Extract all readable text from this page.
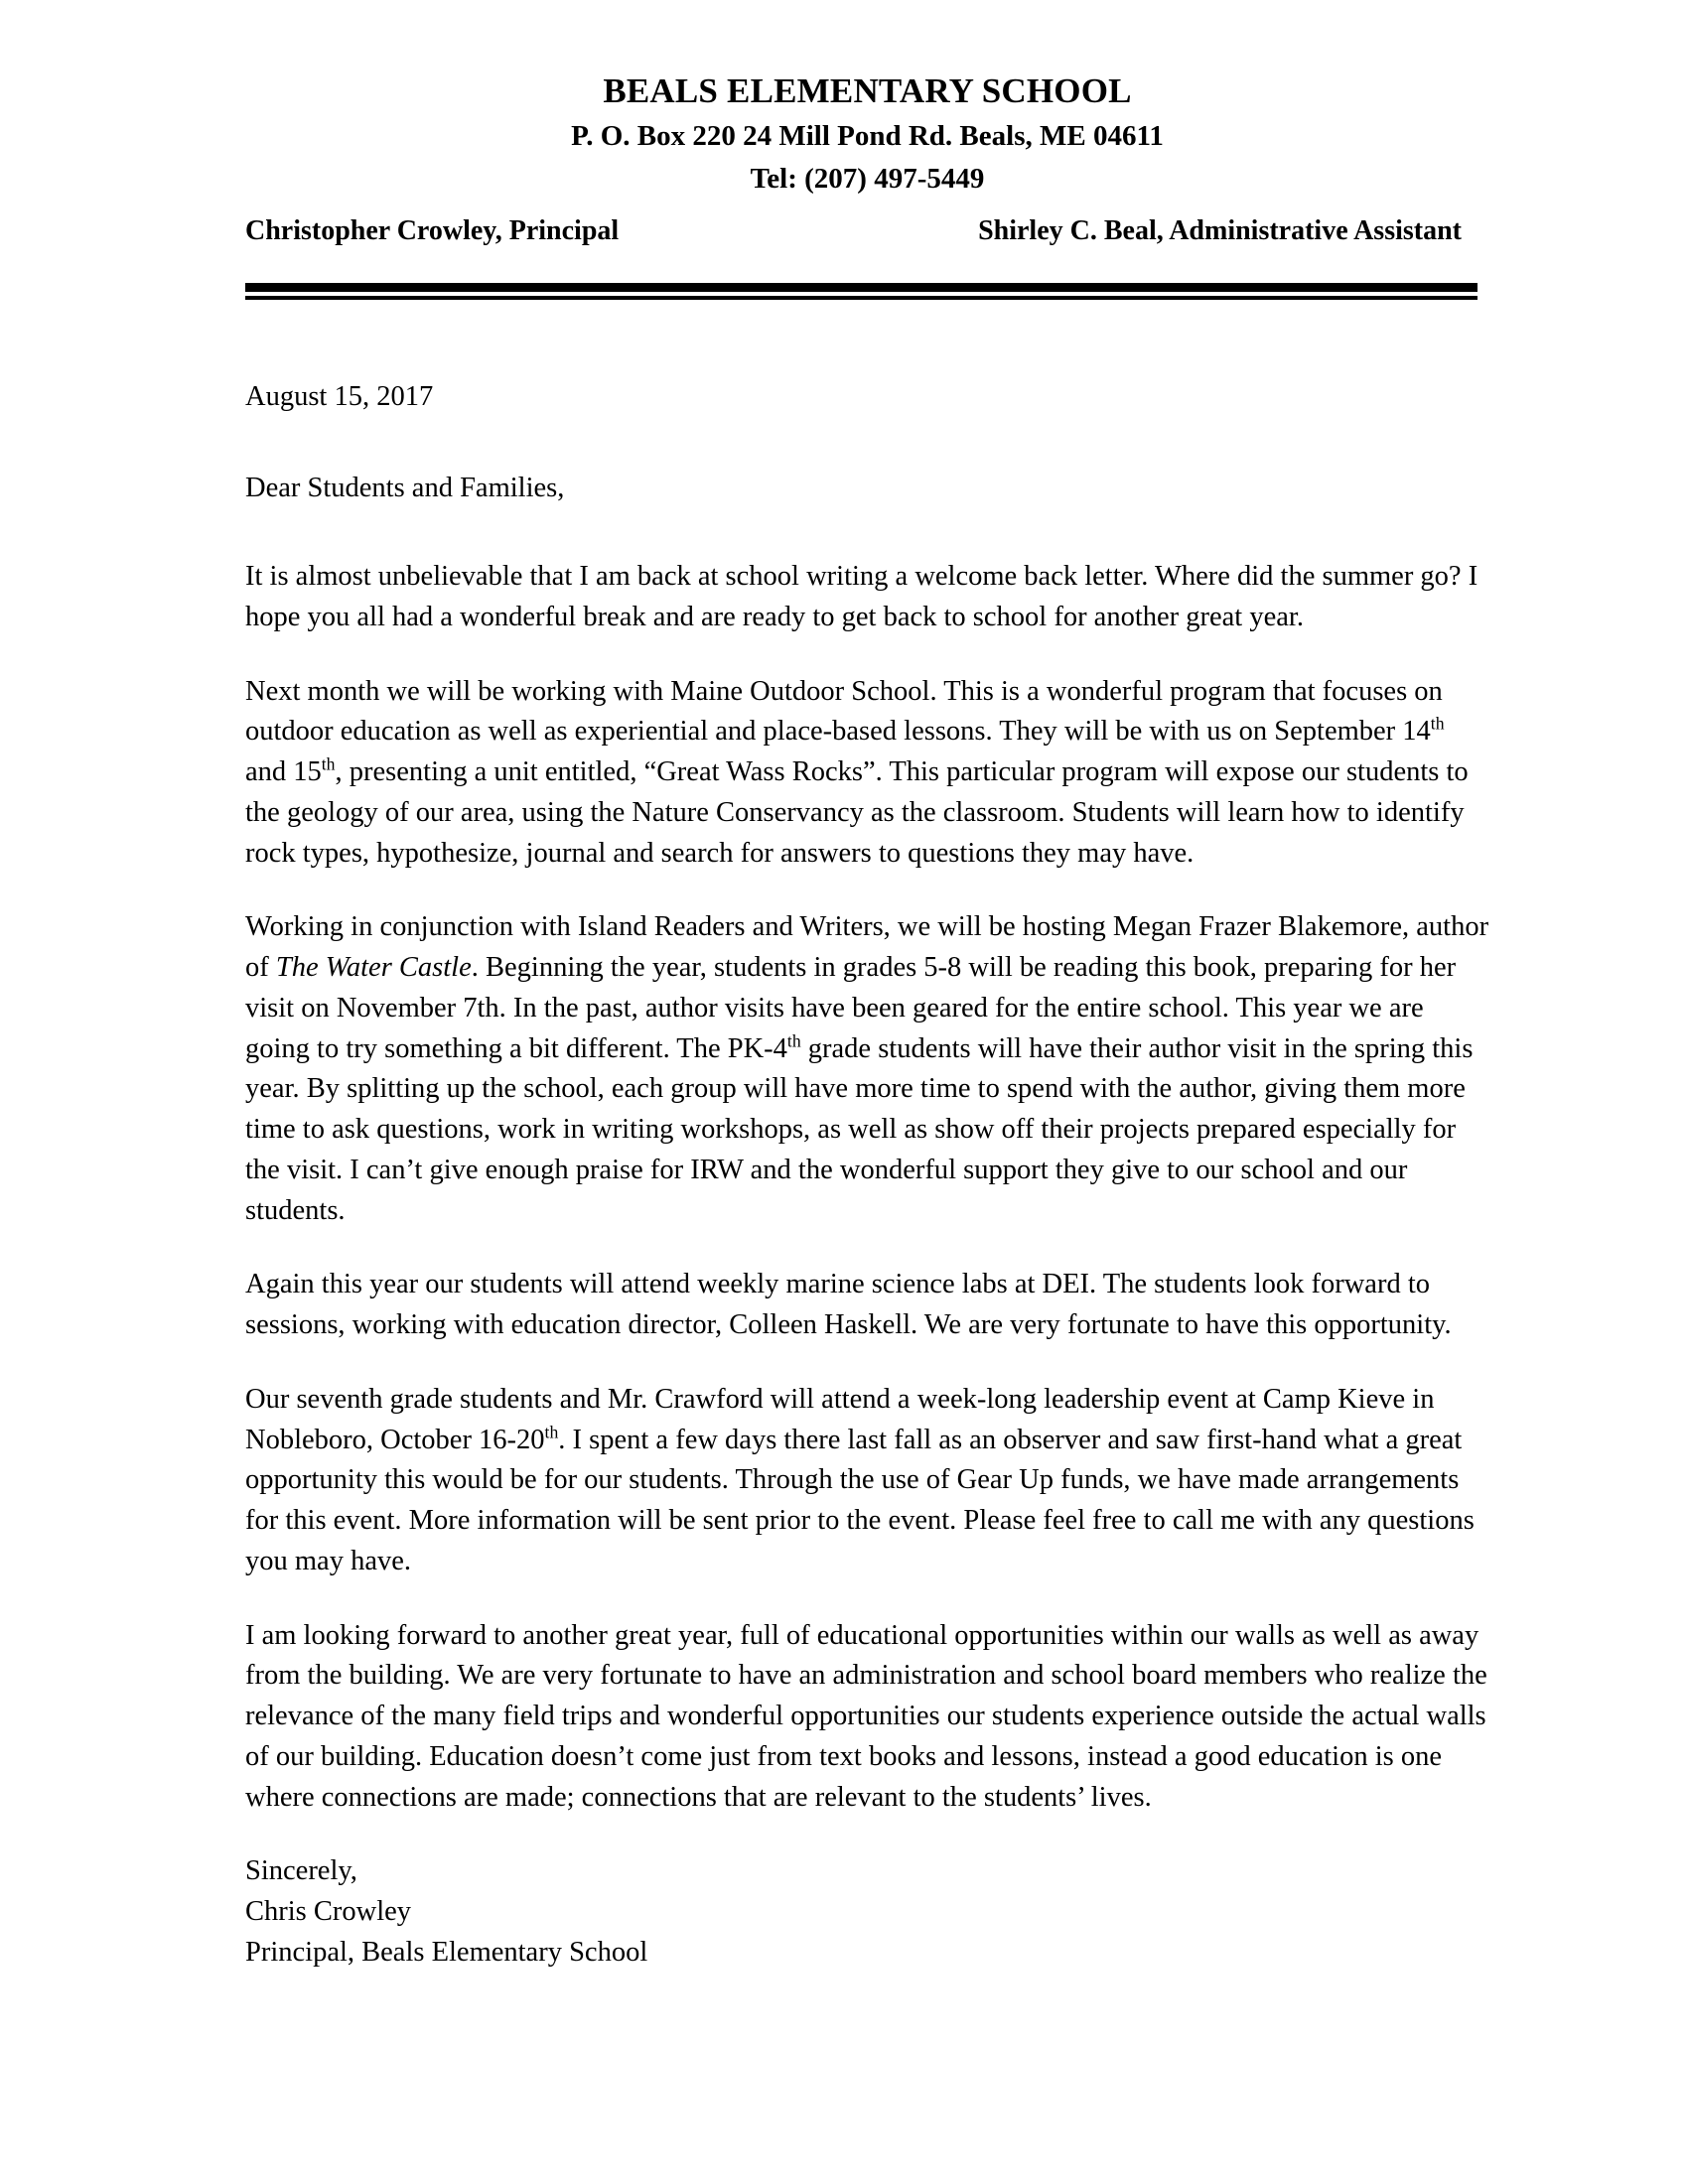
BEALS ELEMENTARY SCHOOL
P. O. Box 220 24 Mill Pond Rd. Beals, ME 04611
Tel: (207) 497-5449
Christopher Crowley, Principal	Shirley C. Beal, Administrative Assistant

August 15, 2017

Dear Students and Families,

It is almost unbelievable that I am back at school writing a welcome back letter. Where did the summer go? I hope you all had a wonderful break and are ready to get back to school for another great year.

Next month we will be working with Maine Outdoor School. This is a wonderful program that focuses on outdoor education as well as experiential and place-based lessons. They will be with us on September 14th and 15th, presenting a unit entitled, “Great Wass Rocks”. This particular program will expose our students to the geology of our area, using the Nature Conservancy as the classroom. Students will learn how to identify rock types, hypothesize, journal and search for answers to questions they may have.

Working in conjunction with Island Readers and Writers, we will be hosting Megan Frazer Blakemore, author of The Water Castle. Beginning the year, students in grades 5-8 will be reading this book, preparing for her visit on November 7th. In the past, author visits have been geared for the entire school. This year we are going to try something a bit different. The PK-4th grade students will have their author visit in the spring this year. By splitting up the school, each group will have more time to spend with the author, giving them more time to ask questions, work in writing workshops, as well as show off their projects prepared especially for the visit. I can’t give enough praise for IRW and the wonderful support they give to our school and our students.

Again this year our students will attend weekly marine science labs at DEI. The students look forward to sessions, working with education director, Colleen Haskell. We are very fortunate to have this opportunity.

Our seventh grade students and Mr. Crawford will attend a week-long leadership event at Camp Kieve in Nobleboro, October 16-20th. I spent a few days there last fall as an observer and saw first-hand what a great opportunity this would be for our students. Through the use of Gear Up funds, we have made arrangements for this event. More information will be sent prior to the event. Please feel free to call me with any questions you may have.

I am looking forward to another great year, full of educational opportunities within our walls as well as away from the building. We are very fortunate to have an administration and school board members who realize the relevance of the many field trips and wonderful opportunities our students experience outside the actual walls of our building. Education doesn’t come just from text books and lessons, instead a good education is one where connections are made; connections that are relevant to the students’ lives.

Sincerely,
Chris Crowley
Principal, Beals Elementary School
